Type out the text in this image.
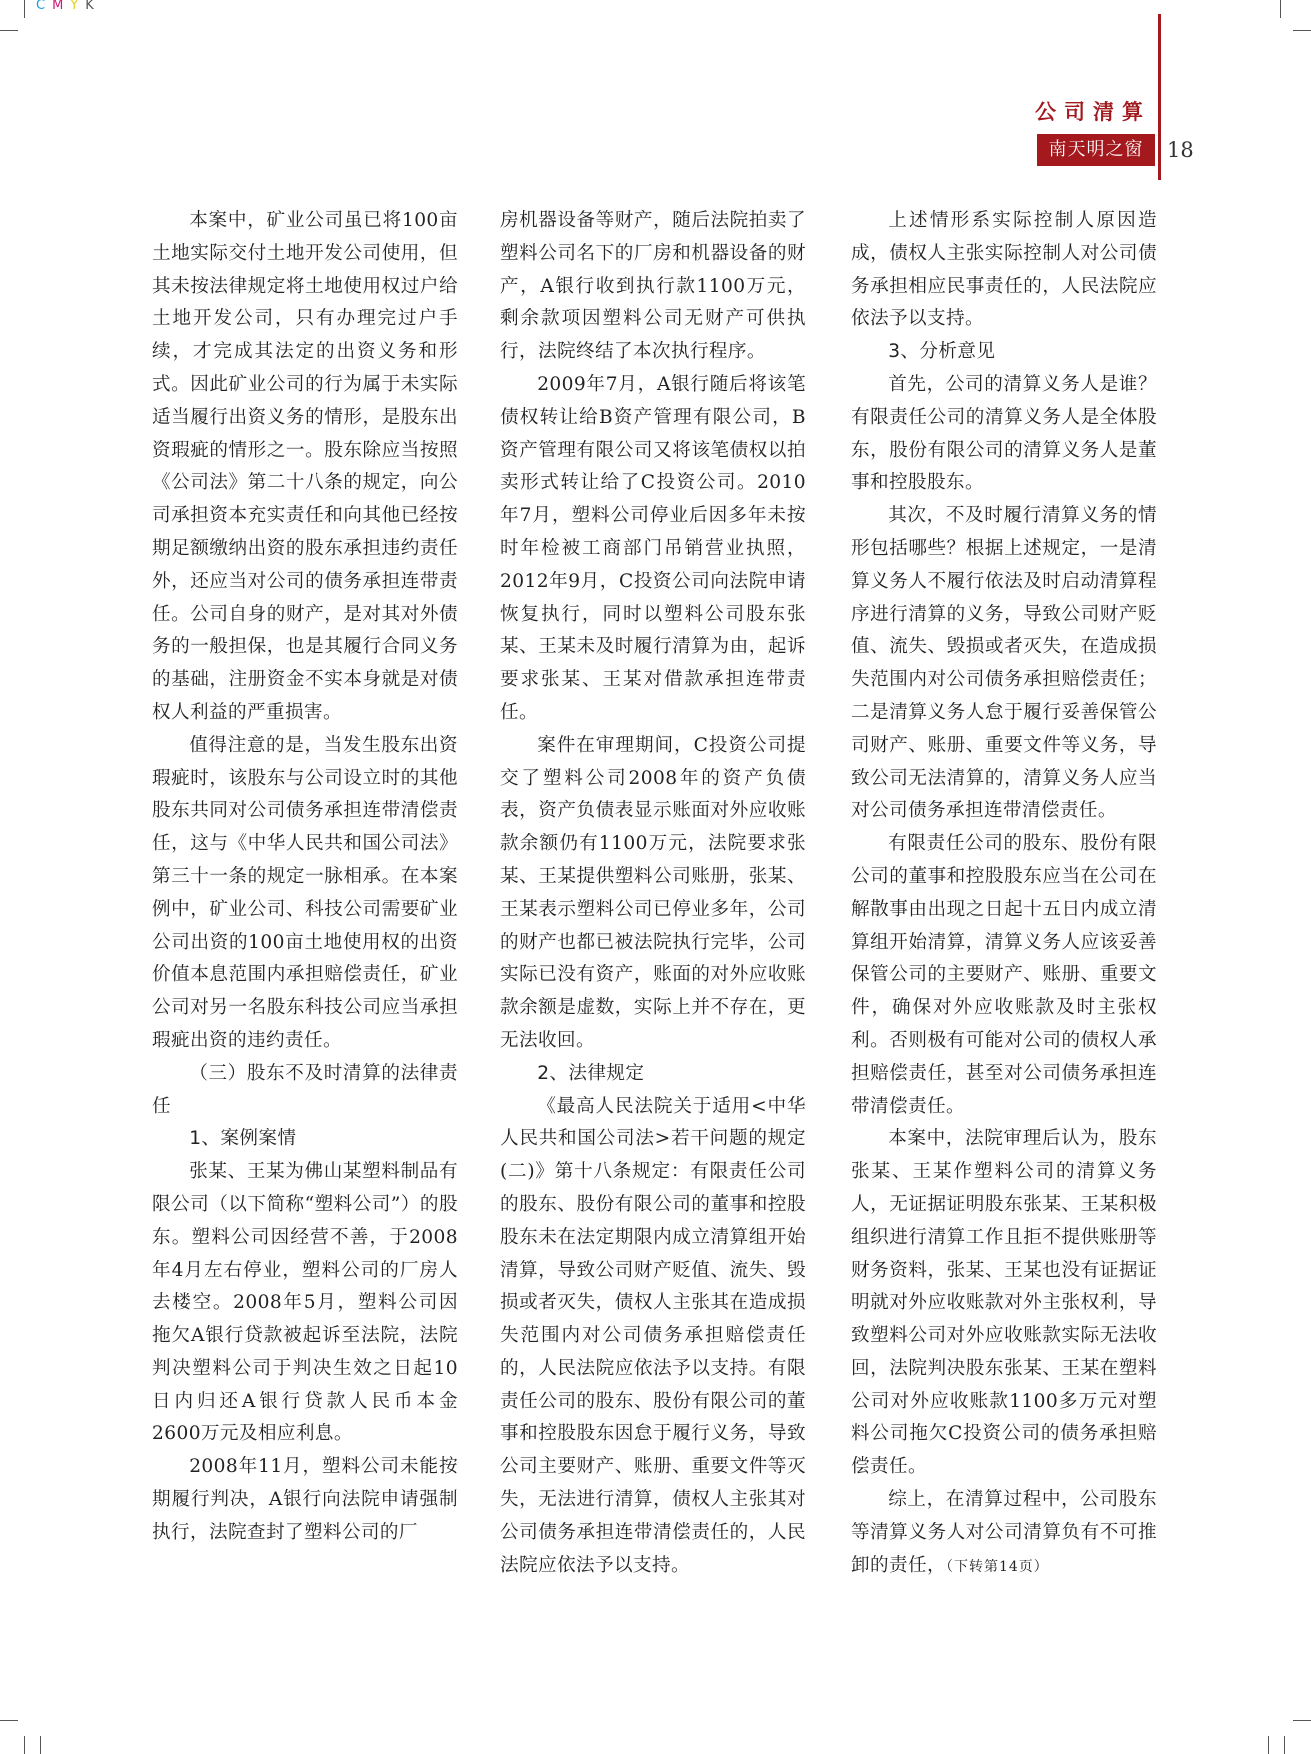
CMYK
公司清算
南天明之窗	18

本案中，矿业公司虽已将100亩土地实际交付土地开发公司使用，但其未按法律规定将土地使用权过户给土地开发公司，只有办理完过户手续，才完成其法定的出资义务和形式。因此矿业公司的行为属于未实际适当履行出资义务的情形，是股东出资瑕疵的情形之一。股东除应当按照《公司法》第二十八条的规定，向公司承担资本充实责任和向其他已经按期足额缴纳出资的股东承担违约责任外，还应当对公司的债务承担连带责任。公司自身的财产，是对其对外债务的一般担保，也是其履行合同义务的基础，注册资金不实本身就是对债权人利益的严重损害。

值得注意的是，当发生股东出资瑕疵时，该股东与公司设立时的其他股东共同对公司债务承担连带清偿责任，这与《中华人民共和国公司法》第三十一条的规定一脉相承。在本案例中，矿业公司、科技公司需要矿业公司出资的100亩土地使用权的出资价值本息范围内承担赔偿责任，矿业公司对另一名股东科技公司应当承担瑕疵出资的违约责任。

（三）股东不及时清算的法律责任

1、案例案情

张某、王某为佛山某塑料制品有限公司（以下简称“塑料公司”）的股东。塑料公司因经营不善，于2008年4月左右停业，塑料公司的厂房人去楼空。2008年5月，塑料公司因拖欠A银行贷款被起诉至法院，法院判决塑料公司于判决生效之日起10日内归还A银行贷款人民币本金2600万元及相应利息。

2008年11月，塑料公司未能按期履行判决，A银行向法院申请强制执行，法院查封了塑料公司的厂

房机器设备等财产，随后法院拍卖了塑料公司名下的厂房和机器设备的财产，A银行收到执行款1100万元，剩余款项因塑料公司无财产可供执行，法院终结了本次执行程序。

2009年7月，A银行随后将该笔债权转让给B资产管理有限公司，B资产管理有限公司又将该笔债权以拍卖形式转让给了C投资公司。2010年7月，塑料公司停业后因多年未按时年检被工商部门吊销营业执照，2012年9月，C投资公司向法院申请恢复执行，同时以塑料公司股东张某、王某未及时履行清算为由，起诉要求张某、王某对借款承担连带责任。

案件在审理期间，C投资公司提交了塑料公司2008年的资产负债表，资产负债表显示账面对外应收账款余额仍有1100万元，法院要求张某、王某提供塑料公司账册，张某、王某表示塑料公司已停业多年，公司的财产也都已被法院执行完毕，公司实际已没有资产，账面的对外应收账款余额是虚数，实际上并不存在，更无法收回。

2、法律规定

《最高人民法院关于适用<中华人民共和国公司法>若干问题的规定(二)》第十八条规定：有限责任公司的股东、股份有限公司的董事和控股股东未在法定期限内成立清算组开始清算，导致公司财产贬值、流失、毁损或者灭失，债权人主张其在造成损失范围内对公司债务承担赔偿责任的，人民法院应依法予以支持。有限责任公司的股东、股份有限公司的董事和控股股东因怠于履行义务，导致公司主要财产、账册、重要文件等灭失，无法进行清算，债权人主张其对公司债务承担连带清偿责任的，人民法院应依法予以支持。

上述情形系实际控制人原因造成，债权人主张实际控制人对公司债务承担相应民事责任的，人民法院应依法予以支持。

3、分析意见

首先，公司的清算义务人是谁？有限责任公司的清算义务人是全体股东，股份有限公司的清算义务人是董事和控股股东。

其次，不及时履行清算义务的情形包括哪些？根据上述规定，一是清算义务人不履行依法及时启动清算程序进行清算的义务，导致公司财产贬值、流失、毁损或者灭失，在造成损失范围内对公司债务承担赔偿责任；二是清算义务人怠于履行妥善保管公司财产、账册、重要文件等义务，导致公司无法清算的，清算义务人应当对公司债务承担连带清偿责任。

有限责任公司的股东、股份有限公司的董事和控股股东应当在公司在解散事由出现之日起十五日内成立清算组开始清算，清算义务人应该妥善保管公司的主要财产、账册、重要文件，确保对外应收账款及时主张权利。否则极有可能对公司的债权人承担赔偿责任，甚至对公司债务承担连带清偿责任。

本案中，法院审理后认为，股东张某、王某作塑料公司的清算义务人，无证据证明股东张某、王某积极组织进行清算工作且拒不提供账册等财务资料，张某、王某也没有证据证明就对外应收账款对外主张权利，导致塑料公司对外应收账款实际无法收回，法院判决股东张某、王某在塑料公司对外应收账款1100多万元对塑料公司拖欠C投资公司的债务承担赔偿责任。

综上，在清算过程中，公司股东等清算义务人对公司清算负有不可推卸的责任，（下转第14页）
